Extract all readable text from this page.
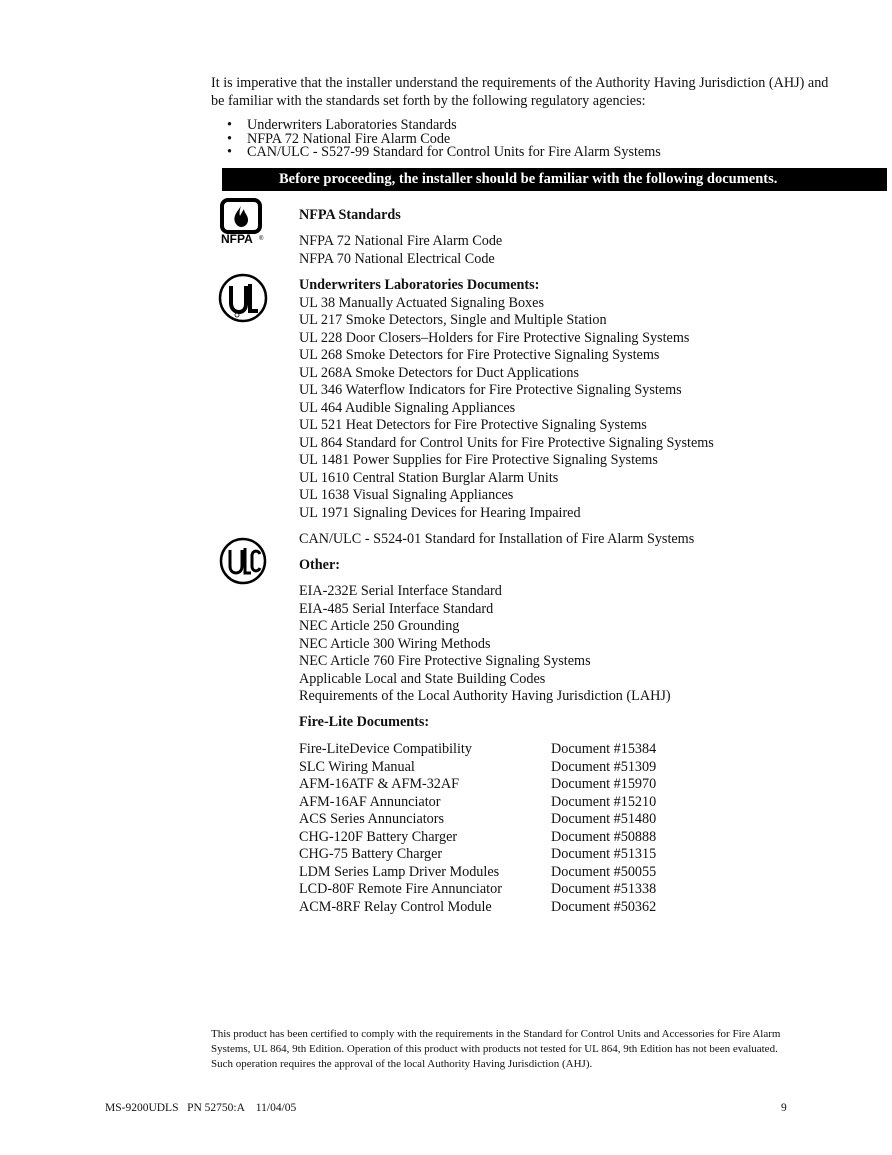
It is imperative that the installer understand the requirements of the Authority Having Jurisdiction (AHJ) and be familiar with the standards set forth by the following regulatory agencies:
•	Underwriters Laboratories Standards
•	NFPA 72 National Fire Alarm Code
•	CAN/ULC - S527-99 Standard for Control Units for Fire Alarm Systems
Before proceeding, the installer should be familiar with the following documents.
NFPA ®
NFPA Standards
NFPA 72 National Fire Alarm Code
NFPA 70 National Electrical Code
Underwriters Laboratories Documents:
UL 38 Manually Actuated Signaling Boxes
UL 217 Smoke Detectors, Single and Multiple Station
UL 228 Door Closers–Holders for Fire Protective Signaling Systems
UL 268 Smoke Detectors for Fire Protective Signaling Systems
UL 268A Smoke Detectors for Duct Applications
UL 346 Waterflow Indicators for Fire Protective Signaling Systems
UL 464 Audible Signaling Appliances
UL 521 Heat Detectors for Fire Protective Signaling Systems
UL 864 Standard for Control Units for Fire Protective Signaling Systems
UL 1481 Power Supplies for Fire Protective Signaling Systems
UL 1610 Central Station Burglar Alarm Units
UL 1638 Visual Signaling Appliances
UL 1971 Signaling Devices for Hearing Impaired
CAN/ULC - S524-01 Standard for Installation of Fire Alarm Systems
Other:
EIA-232E Serial Interface Standard
EIA-485 Serial Interface Standard
NEC Article 250 Grounding
NEC Article 300 Wiring Methods
NEC Article 760 Fire Protective Signaling Systems
Applicable Local and State Building Codes
Requirements of the Local Authority Having Jurisdiction (LAHJ)
Fire-Lite Documents:
Fire-LiteDevice Compatibility	Document #15384
SLC Wiring Manual	Document #51309
AFM-16ATF & AFM-32AF	Document #15970
AFM-16AF Annunciator	Document #15210
ACS Series Annunciators	Document #51480
CHG-120F Battery Charger	Document #50888
CHG-75 Battery Charger	Document #51315
LDM Series Lamp Driver Modules	Document #50055
LCD-80F Remote Fire Annunciator	Document #51338
ACM-8RF Relay Control Module	Document #50362
This product has been certified to comply with the requirements in the Standard for Control Units and Accessories for Fire Alarm Systems, UL 864, 9th Edition. Operation of this product with products not tested for UL 864, 9th Edition has not been evaluated. Such operation requires the approval of the local Authority Having Jurisdiction (AHJ).
MS-9200UDLS   PN 52750:A    11/04/05	9
